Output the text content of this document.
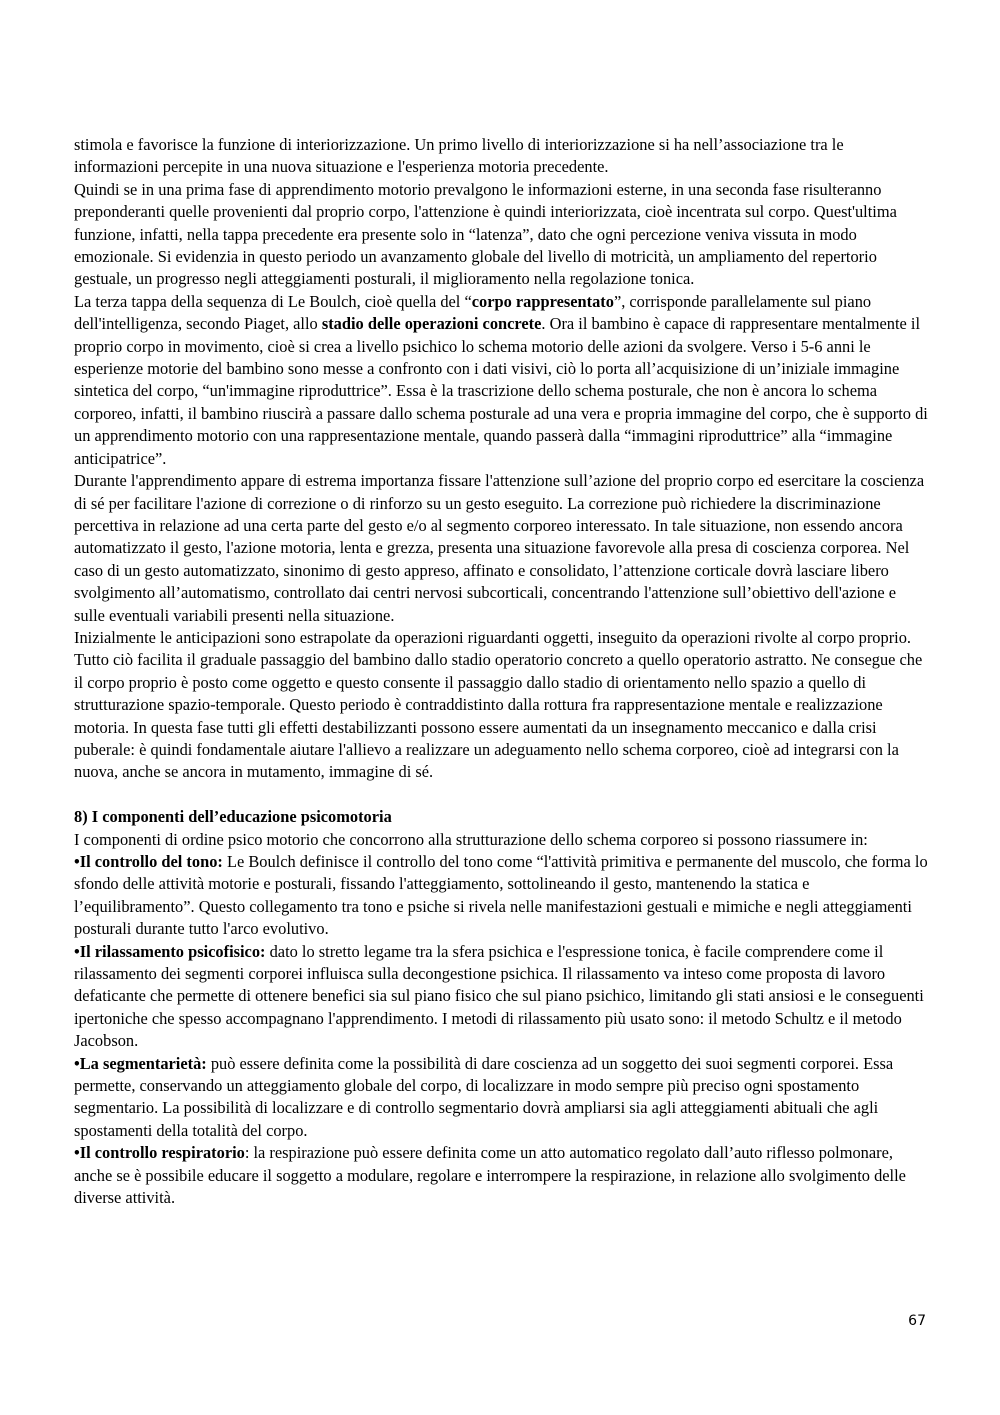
stimola e favorisce la funzione di interiorizzazione. Un primo livello di interiorizzazione si ha nell’associazione tra le informazioni percepite in una nuova situazione e l'esperienza motoria precedente.

Quindi se in una prima fase di apprendimento motorio prevalgono le informazioni esterne, in una seconda fase risulteranno preponderanti quelle provenienti dal proprio corpo, l'attenzione è quindi interiorizzata, cioè incentrata sul corpo. Quest'ultima funzione, infatti, nella tappa precedente era presente solo in “latenza”, dato che ogni percezione veniva vissuta in modo emozionale. Si evidenzia in questo periodo un avanzamento globale del livello di motricità, un ampliamento del repertorio gestuale, un progresso negli atteggiamenti posturali, il miglioramento nella regolazione tonica.

La terza tappa della sequenza di Le Boulch, cioè quella del “corpo rappresentato”, corrisponde parallelamente sul piano dell'intelligenza, secondo Piaget, allo stadio delle operazioni concrete. Ora il bambino è capace di rappresentare mentalmente il proprio corpo in movimento, cioè si crea a livello psichico lo schema motorio delle azioni da svolgere. Verso i 5-6 anni le esperienze motorie del bambino sono messe a confronto con i dati visivi, ciò lo porta all’acquisizione di un’iniziale immagine sintetica del corpo, “un'immagine riproduttrice”. Essa è la trascrizione dello schema posturale, che non è ancora lo schema corporeo, infatti, il bambino riuscirà a passare dallo schema posturale ad una vera e propria immagine del corpo, che è supporto di un apprendimento motorio con una rappresentazione mentale, quando passerà dalla “immagini riproduttrice” alla “immagine anticipatrice”.

Durante l'apprendimento appare di estrema importanza fissare l'attenzione sull’azione del proprio corpo ed esercitare la coscienza di sé per facilitare l'azione di correzione o di rinforzo su un gesto eseguito. La correzione può richiedere la discriminazione percettiva in relazione ad una certa parte del gesto e/o al segmento corporeo interessato. In tale situazione, non essendo ancora automatizzato il gesto, l'azione motoria, lenta e grezza, presenta una situazione favorevole alla presa di coscienza corporea. Nel caso di un gesto automatizzato, sinonimo di gesto appreso, affinato e consolidato, l’attenzione corticale dovrà lasciare libero svolgimento all’automatismo, controllato dai centri nervosi subcorticali, concentrando l'attenzione sull’obiettivo dell'azione e sulle eventuali variabili presenti nella situazione.

Inizialmente le anticipazioni sono estrapolate da operazioni riguardanti oggetti, inseguito da operazioni rivolte al corpo proprio. Tutto ciò facilita il graduale passaggio del bambino dallo stadio operatorio concreto a quello operatorio astratto. Ne consegue che il corpo proprio è posto come oggetto e questo consente il passaggio dallo stadio di orientamento nello spazio a quello di strutturazione spazio-temporale. Questo periodo è contraddistinto dalla rottura fra rappresentazione mentale e realizzazione motoria. In questa fase tutti gli effetti destabilizzanti possono essere aumentati da un insegnamento meccanico e dalla crisi puberale: è quindi fondamentale aiutare l'allievo a realizzare un adeguamento nello schema corporeo, cioè ad integrarsi con la nuova, anche se ancora in mutamento, immagine di sé.

8) I componenti dell’educazione psicomotoria

I componenti di ordine psico motorio che concorrono alla strutturazione dello schema corporeo si possono riassumere in:

•Il controllo del tono: Le Boulch definisce il controllo del tono come “l'attività primitiva e permanente del muscolo, che forma lo sfondo delle attività motorie e posturali, fissando l'atteggiamento, sottolineando il gesto, mantenendo la statica e l’equilibramento”. Questo collegamento tra tono e psiche si rivela nelle manifestazioni gestuali e mimiche e negli atteggiamenti posturali durante tutto l'arco evolutivo.

•Il rilassamento psicofisico: dato lo stretto legame tra la sfera psichica e l'espressione tonica, è facile comprendere come il rilassamento dei segmenti corporei influisca sulla decongestione psichica. Il rilassamento va inteso come proposta di lavoro defaticante che permette di ottenere benefici sia sul piano fisico che sul piano psichico, limitando gli stati ansiosi e le conseguenti ipertoniche che spesso accompagnano l'apprendimento. I metodi di rilassamento più usato sono: il metodo Schultz e il metodo Jacobson.

•La segmentarietà: può essere definita come la possibilità di dare coscienza ad un soggetto dei suoi segmenti corporei. Essa permette, conservando un atteggiamento globale del corpo, di localizzare in modo sempre più preciso ogni spostamento segmentario. La possibilità di localizzare e di controllo segmentario dovrà ampliarsi sia agli atteggiamenti abituali che agli spostamenti della totalità del corpo.

•Il controllo respiratorio: la respirazione può essere definita come un atto automatico regolato dall’auto riflesso polmonare, anche se è possibile educare il soggetto a modulare, regolare e interrompere la respirazione, in relazione allo svolgimento delle diverse attività.

67
